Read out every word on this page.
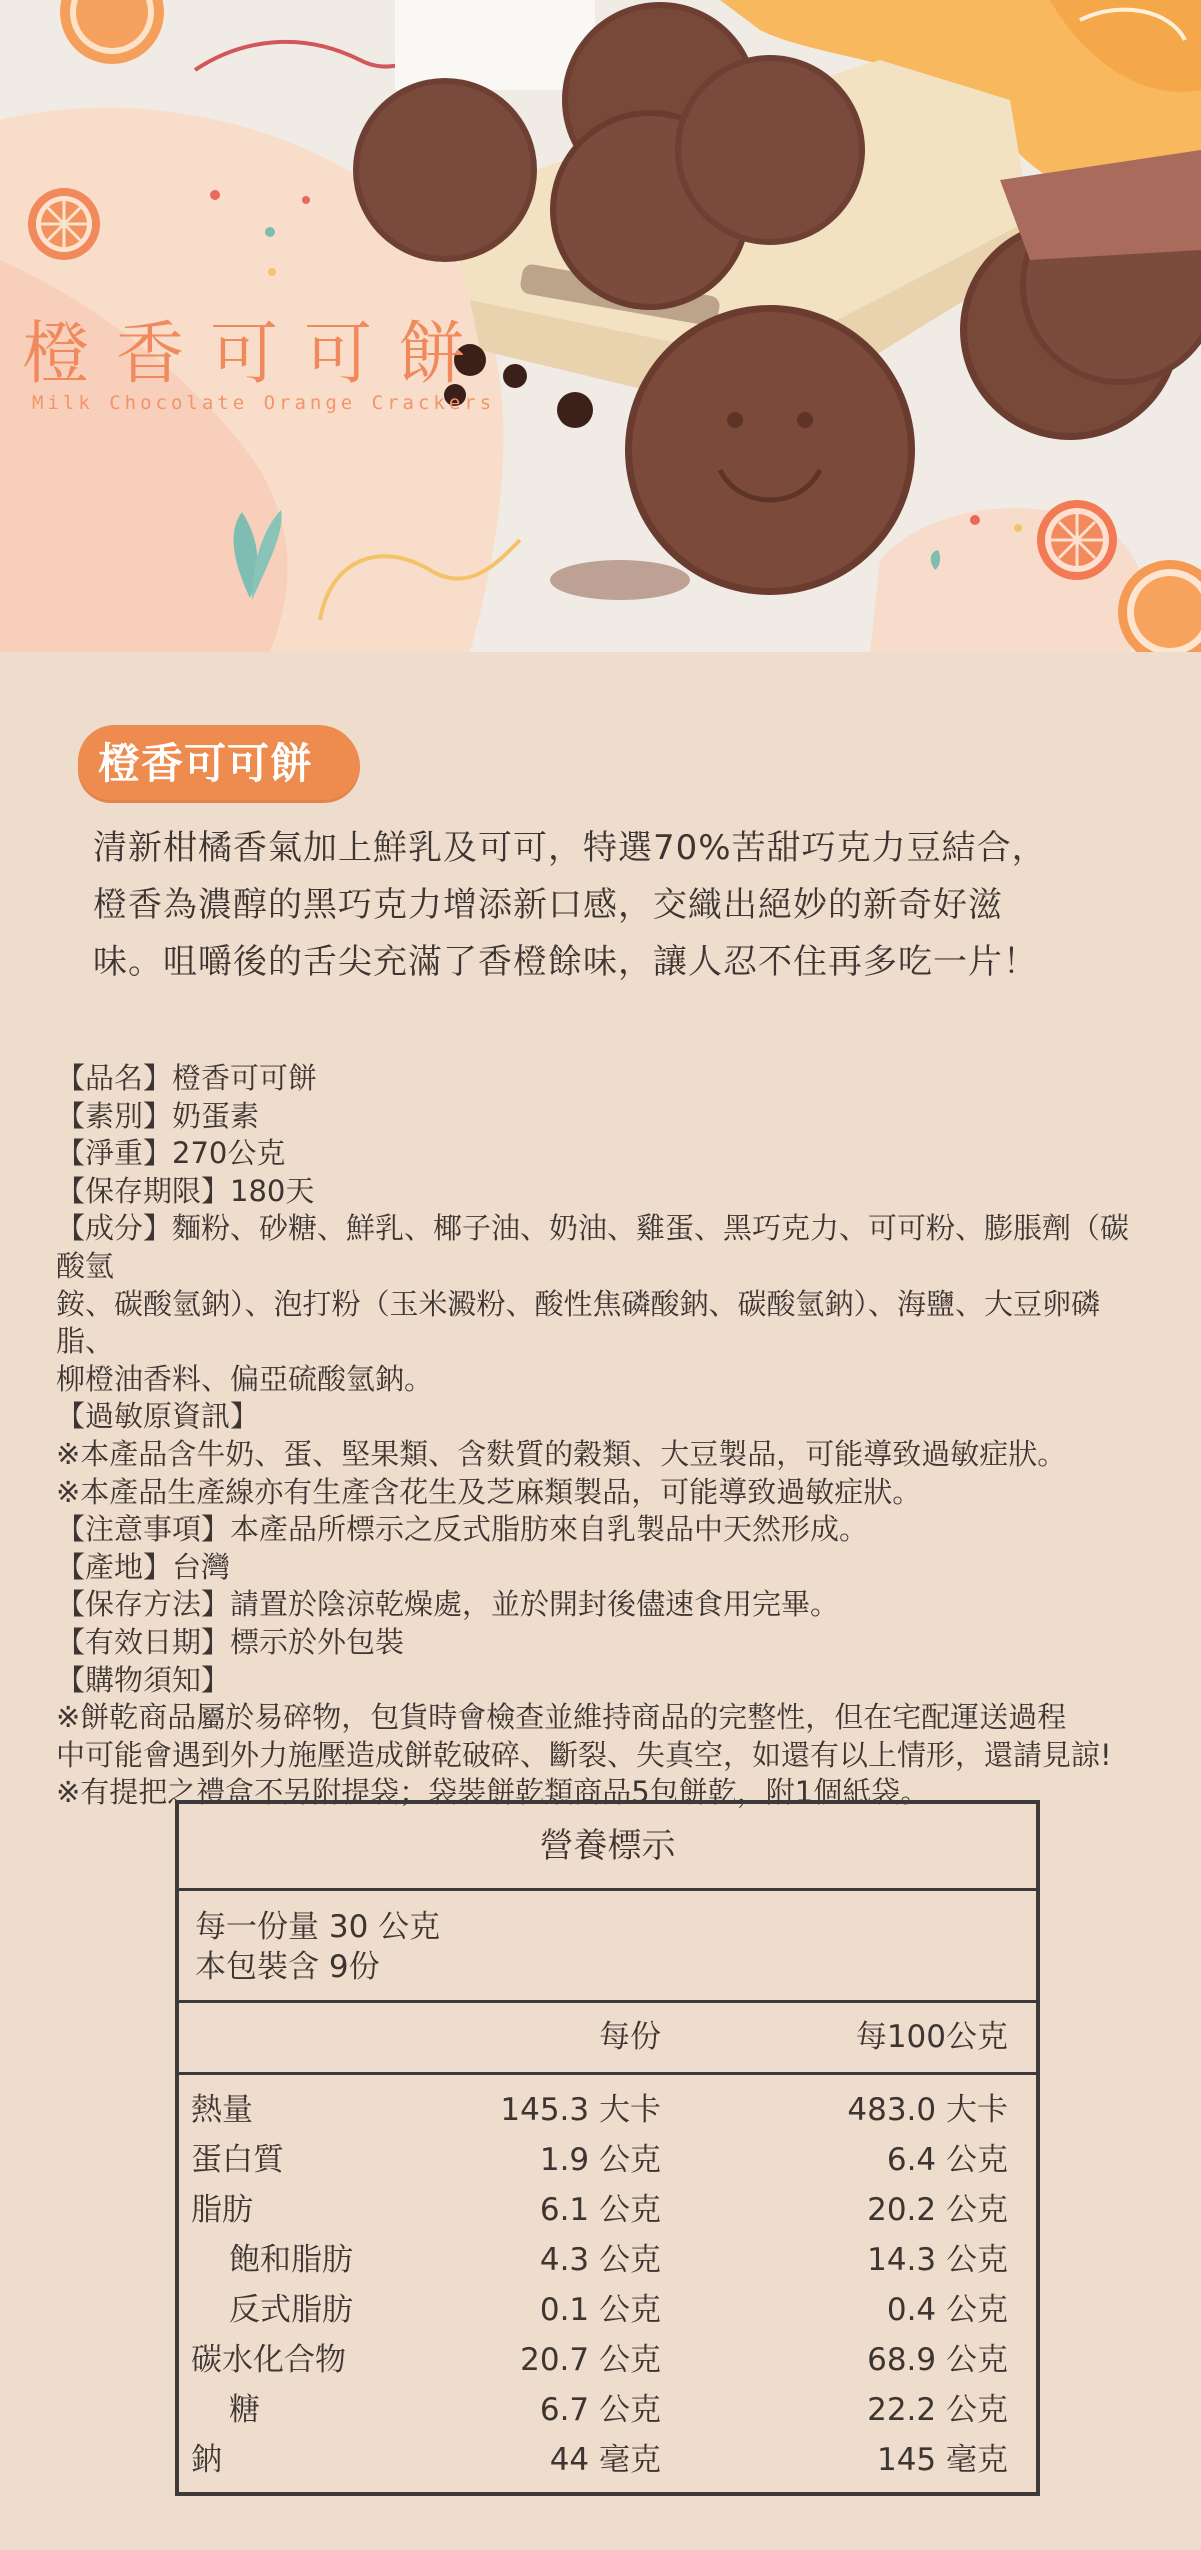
橙香可可餅
Milk Chocolate Orange Crackers
橙香可可餅

清新柑橘香氣加上鮮乳及可可，特選70%苦甜巧克力豆結合，

橙香為濃醇的黑巧克力增添新口感，交織出絕妙的新奇好滋

味。咀嚼後的舌尖充滿了香橙餘味，讓人忍不住再多吃一片！

【品名】橙香可可餅

【素別】奶蛋素

【淨重】270公克

【保存期限】180天

【成分】麵粉、砂糖、鮮乳、椰子油、奶油、雞蛋、黑巧克力、可可粉、膨脹劑（碳酸氫

銨、碳酸氫鈉）、泡打粉（玉米澱粉、酸性焦磷酸鈉、碳酸氫鈉）、海鹽、大豆卵磷脂、

柳橙油香料、偏亞硫酸氫鈉。

【過敏原資訊】

※本產品含牛奶、蛋、堅果類、含麩質的穀類、大豆製品，可能導致過敏症狀。

※本產品生產線亦有生產含花生及芝麻類製品，可能導致過敏症狀。

【注意事項】本產品所標示之反式脂肪來自乳製品中天然形成。

【產地】台灣

【保存方法】請置於陰涼乾燥處，並於開封後儘速食用完畢。

【有效日期】標示於外包裝

【購物須知】

※餅乾商品屬於易碎物，包貨時會檢查並維持商品的完整性，但在宅配運送過程

中可能會遇到外力施壓造成餅乾破碎、斷裂、失真空，如還有以上情形，還請見諒!

※有提把之禮盒不另附提袋；袋裝餅乾類商品5包餅乾，附1個紙袋。

營養標示

每一份量 30 公克

本包裝含 9份

每份	每100公克
熱量	145.3 大卡	483.0 大卡
蛋白質	1.9 公克	6.4 公克
脂肪	6.1 公克	20.2 公克
飽和脂肪	4.3 公克	14.3 公克
反式脂肪	0.1 公克	0.4 公克
碳水化合物	20.7 公克	68.9 公克
糖	6.7 公克	22.2 公克
鈉	44 毫克	145 毫克
